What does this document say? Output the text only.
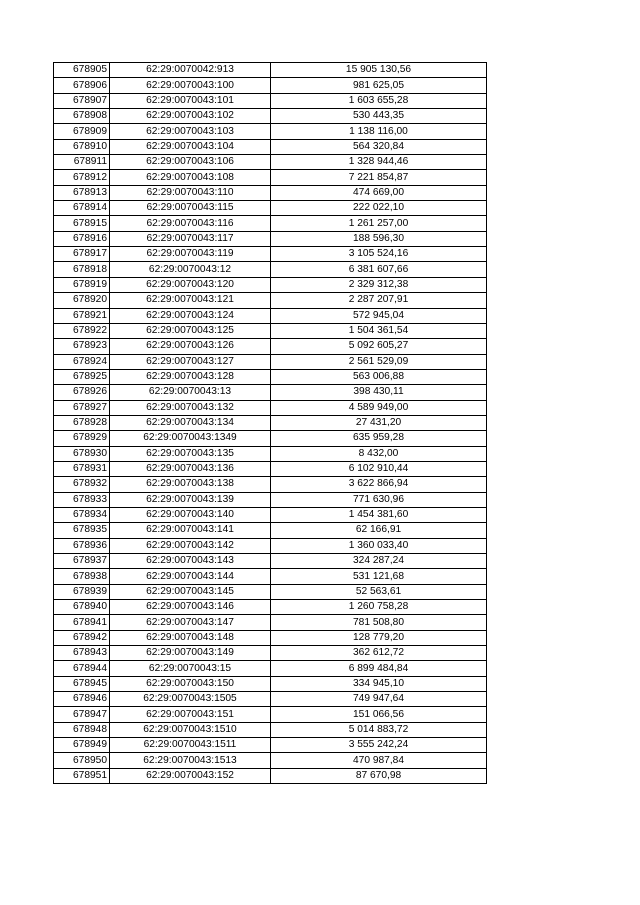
678905	62:29:0070042:913	15 905 130,56
678906	62:29:0070043:100	981 625,05
678907	62:29:0070043:101	1 603 655,28
678908	62:29:0070043:102	530 443,35
678909	62:29:0070043:103	1 138 116,00
678910	62:29:0070043:104	564 320,84
678911	62:29:0070043:106	1 328 944,46
678912	62:29:0070043:108	7 221 854,87
678913	62:29:0070043:110	474 669,00
678914	62:29:0070043:115	222 022,10
678915	62:29:0070043:116	1 261 257,00
678916	62:29:0070043:117	188 596,30
678917	62:29:0070043:119	3 105 524,16
678918	62:29:0070043:12	6 381 607,66
678919	62:29:0070043:120	2 329 312,38
678920	62:29:0070043:121	2 287 207,91
678921	62:29:0070043:124	572 945,04
678922	62:29:0070043:125	1 504 361,54
678923	62:29:0070043:126	5 092 605,27
678924	62:29:0070043:127	2 561 529,09
678925	62:29:0070043:128	563 006,88
678926	62:29:0070043:13	398 430,11
678927	62:29:0070043:132	4 589 949,00
678928	62:29:0070043:134	27 431,20
678929	62:29:0070043:1349	635 959,28
678930	62:29:0070043:135	8 432,00
678931	62:29:0070043:136	6 102 910,44
678932	62:29:0070043:138	3 622 866,94
678933	62:29:0070043:139	771 630,96
678934	62:29:0070043:140	1 454 381,60
678935	62:29:0070043:141	62 166,91
678936	62:29:0070043:142	1 360 033,40
678937	62:29:0070043:143	324 287,24
678938	62:29:0070043:144	531 121,68
678939	62:29:0070043:145	52 563,61
678940	62:29:0070043:146	1 260 758,28
678941	62:29:0070043:147	781 508,80
678942	62:29:0070043:148	128 779,20
678943	62:29:0070043:149	362 612,72
678944	62:29:0070043:15	6 899 484,84
678945	62:29:0070043:150	334 945,10
678946	62:29:0070043:1505	749 947,64
678947	62:29:0070043:151	151 066,56
678948	62:29:0070043:1510	5 014 883,72
678949	62:29:0070043:1511	3 555 242,24
678950	62:29:0070043:1513	470 987,84
678951	62:29:0070043:152	87 670,98
